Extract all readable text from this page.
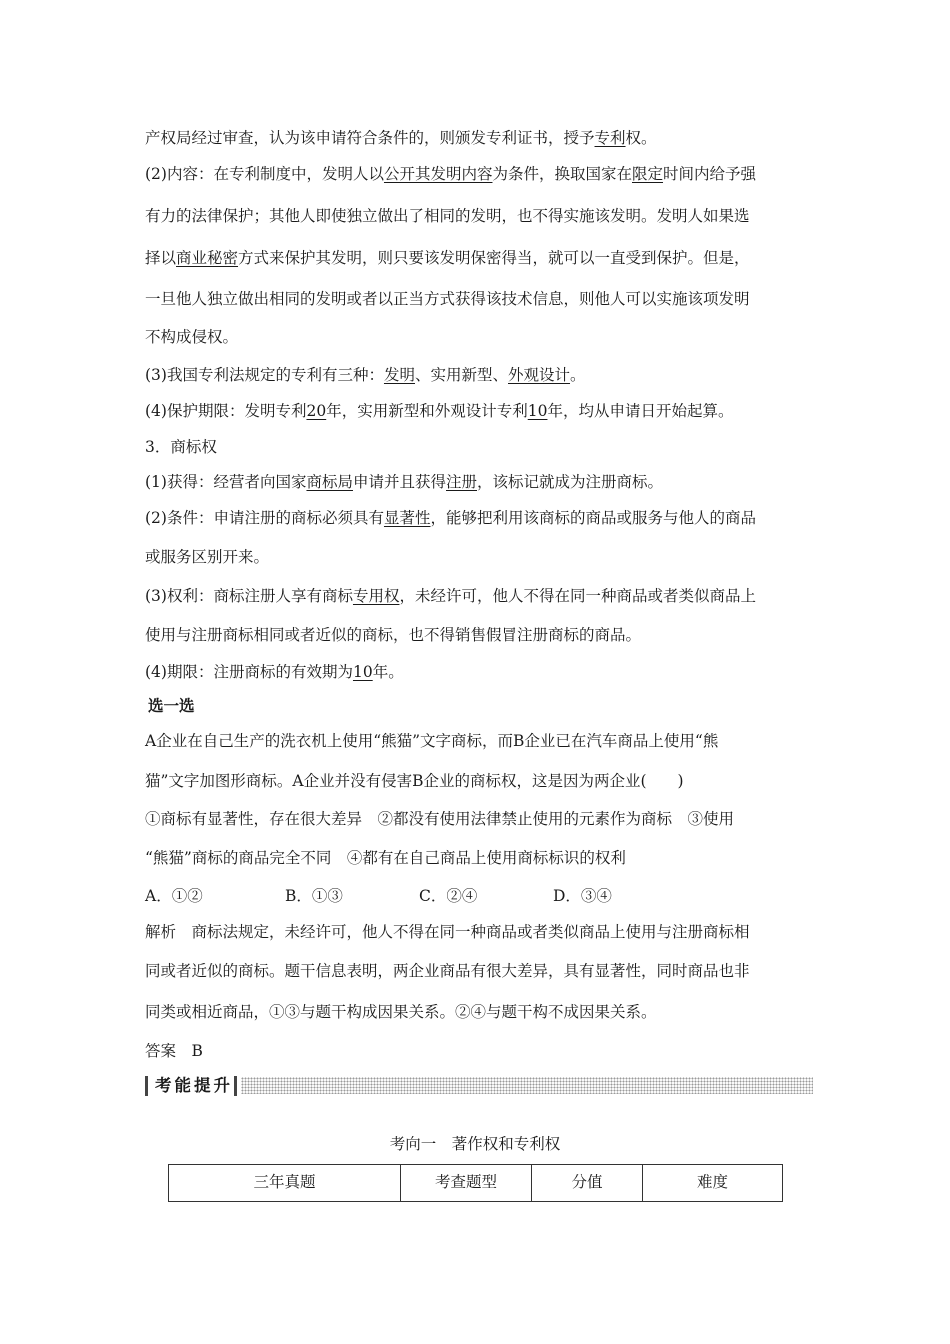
产权局经过审查，认为该申请符合条件的，则颁发专利证书，授予专利权。
(2)内容：在专利制度中，发明人以公开其发明内容为条件，换取国家在限定时间内给予强
有力的法律保护；其他人即使独立做出了相同的发明，也不得实施该发明。发明人如果选
择以商业秘密方式来保护其发明，则只要该发明保密得当，就可以一直受到保护。但是，
一旦他人独立做出相同的发明或者以正当方式获得该技术信息，则他人可以实施该项发明
不构成侵权。
(3)我国专利法规定的专利有三种：发明、实用新型、外观设计。
(4)保护期限：发明专利20年，实用新型和外观设计专利10年，均从申请日开始起算。
3．商标权
(1)获得：经营者向国家商标局申请并且获得注册，该标记就成为注册商标。
(2)条件：申请注册的商标必须具有显著性，能够把利用该商标的商品或服务与他人的商品
或服务区别开来。
(3)权利：商标注册人享有商标专用权，未经许可，他人不得在同一种商品或者类似商品上
使用与注册商标相同或者近似的商标，也不得销售假冒注册商标的商品。
(4)期限：注册商标的有效期为10年。
选一选
A企业在自己生产的洗衣机上使用“熊猫”文字商标，而B企业已在汽车商品上使用“熊
猫”文字加图形商标。A企业并没有侵害B企业的商标权，这是因为两企业(　　)
①商标有显著性，存在很大差异　②都没有使用法律禁止使用的元素作为商标　③使用
“熊猫”商标的商品完全不同　④都有在自己商品上使用商标标识的权利
A．①②	B．①③	C．②④	D．③④
解析　商标法规定，未经许可，他人不得在同一种商品或者类似商品上使用与注册商标相
同或者近似的商标。题干信息表明，两企业商品有很大差异，具有显著性，同时商品也非
同类或相近商品，①③与题干构成因果关系。②④与题干构不成因果关系。
答案　B
考能提升
考向一　著作权和专利权
三年真题	考查题型	分值	难度
